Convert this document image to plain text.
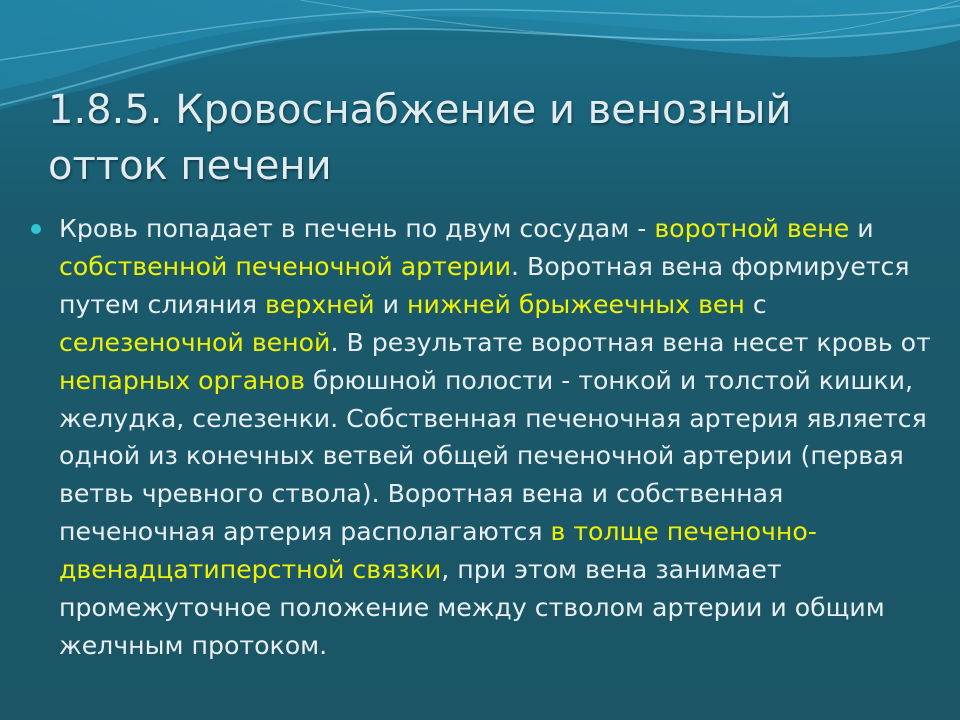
1.8.5. Кровоснабжение и венозный
отток печени
Кровь попадает в печень по двум сосудам - воротной вене и собственной печеночной артерии. Воротная вена формируется путем слияния верхней и нижней брыжеечных вен с селезеночной веной. В результате воротная вена несет кровь от непарных органов брюшной полости - тонкой и толстой кишки, желудка, селезенки. Собственная печеночная артерия является одной из конечных ветвей общей печеночной артерии (первая ветвь чревного ствола). Воротная вена и собственная печеночная артерия располагаются в толще печеночно-двенадцатиперстной связки, при этом вена занимает промежуточное положение между стволом артерии и общим желчным протоком.
